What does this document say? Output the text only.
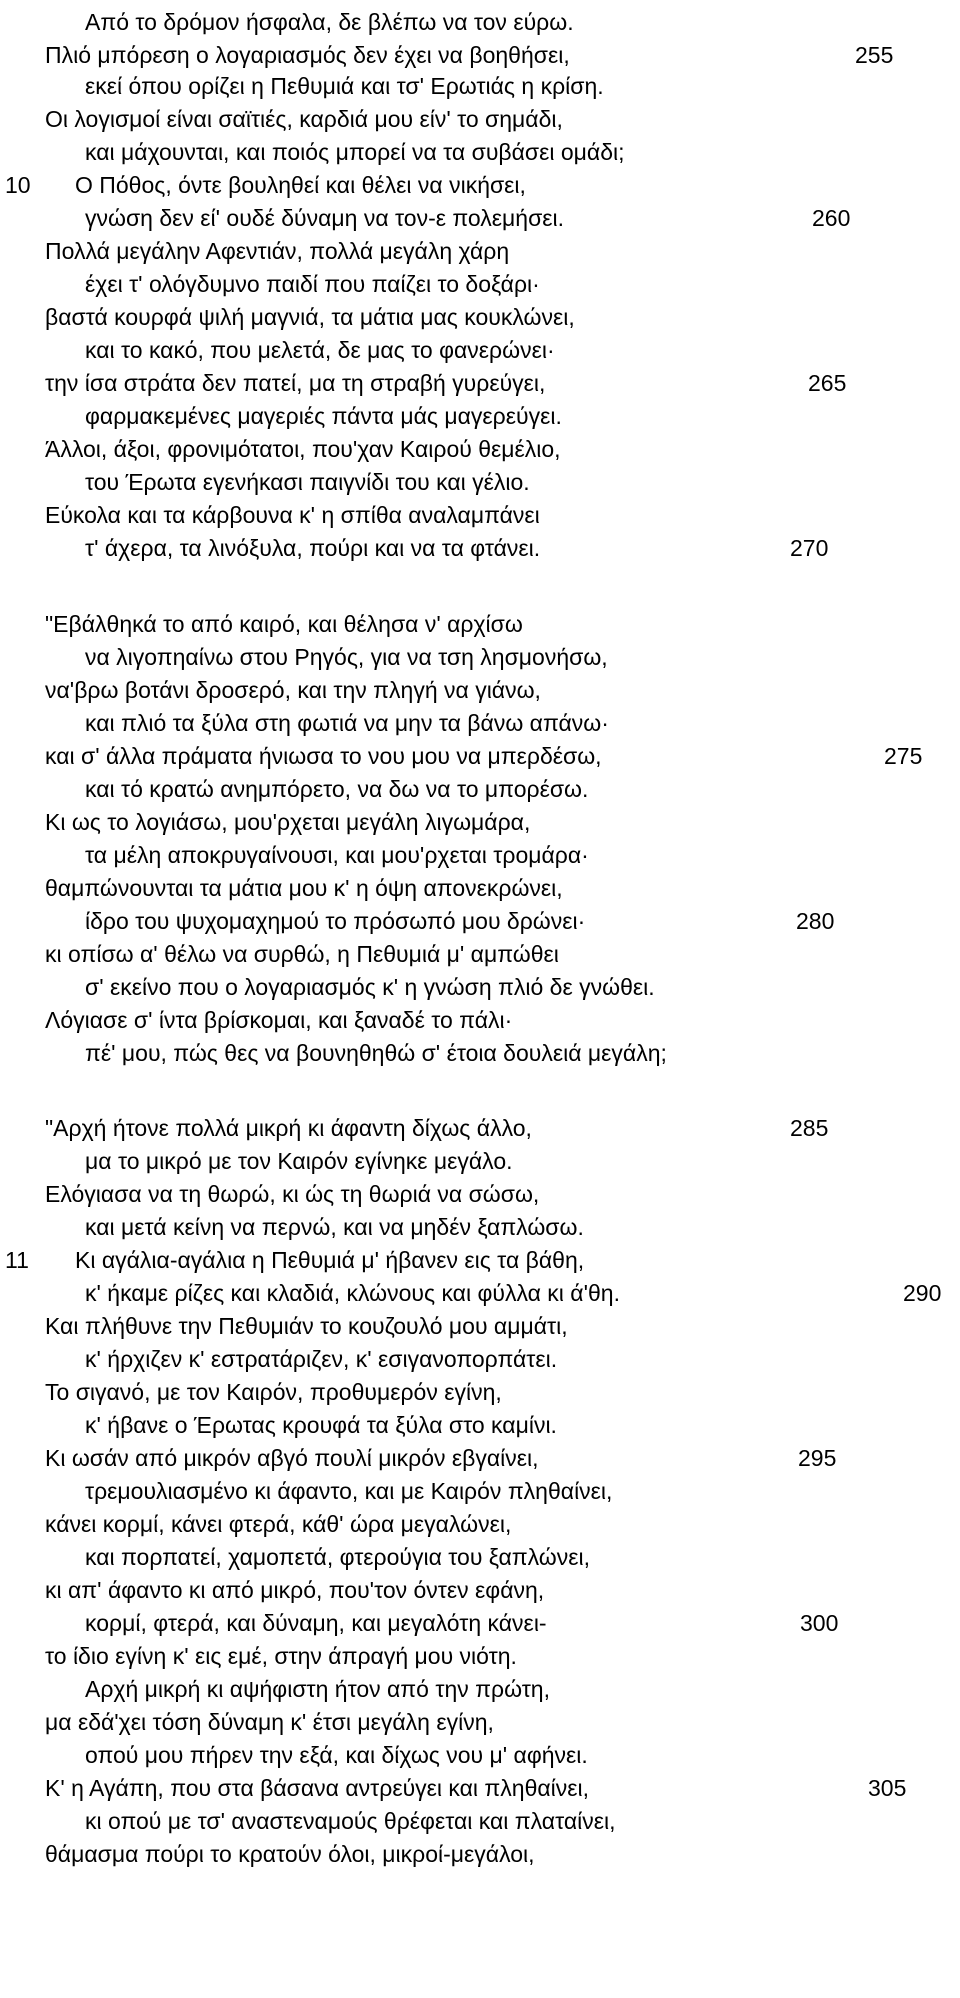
Από το δρόμον ήσφαλα, δε βλέπω να τον εύρω.
Πλιό μπόρεση ο λογαριασμός δεν έχει να βοηθήσει,	255
εκεί όπου ορίζει η Πεθυμιά και τσ' Ερωτιάς η κρίση.
Οι λογισμοί είναι σαϊτιές, καρδιά μου είν' το σημάδι,
και μάχουνται, και ποιός μπορεί να τα συβάσει ομάδι;
10 Ο Πόθος, όντε βουληθεί και θέλει να νικήσει,
γνώση δεν εί' ουδέ δύναμη να τον-ε πολεμήσει.	260
Πολλά μεγάλην Αφεντιάν, πολλά μεγάλη χάρη
έχει τ' ολόγδυμνο παιδί που παίζει το δοξάρι·
βαστά κουρφά ψιλή μαγνιά, τα μάτια μας κουκλώνει,
και το κακό, που μελετά, δε μας το φανερώνει·
την ίσα στράτα δεν πατεί, μα τη στραβή γυρεύγει,	265
φαρμακεμένες μαγεριές πάντα μάς μαγερεύγει.
Άλλοι, άξοι, φρονιμότατοι, που'χαν Καιρού θεμέλιο,
του Έρωτα εγενήκασι παιγνίδι του και γέλιο.
Εύκολα και τα κάρβουνα κ' η σπίθα αναλαμπάνει
τ' άχερα, τα λινόξυλα, πούρι και να τα φτάνει.	270
"Εβάλθηκά το από καιρό, και θέλησα ν' αρχίσω
να λιγοπηαίνω στου Ρηγός, για να τση λησμονήσω,
να'βρω βοτάνι δροσερό, και την πληγή να γιάνω,
και πλιό τα ξύλα στη φωτιά να μην τα βάνω απάνω·
και σ' άλλα πράματα ήνιωσα το νου μου να μπερδέσω,	275
και τό κρατώ ανημπόρετο, να δω να το μπορέσω.
Κι ως το λογιάσω, μου'ρχεται μεγάλη λιγωμάρα,
τα μέλη αποκρυγαίνουσι, και μου'ρχεται τρομάρα·
θαμπώνουνται τα μάτια μου κ' η όψη απονεκρώνει,
ίδρο του ψυχομαχημού το πρόσωπό μου δρώνει·	280
κι οπίσω α' θέλω να συρθώ, η Πεθυμιά μ' αμπώθει
σ' εκείνο που ο λογαριασμός κ' η γνώση πλιό δε γνώθει.
Λόγιασε σ' ίντα βρίσκομαι, και ξαναδέ το πάλι·
πέ' μου, πώς θες να βουνηθηθώ σ' έτοια δουλειά μεγάλη;
"Αρχή ήτονε πολλά μικρή κι άφαντη δίχως άλλο,	285
μα το μικρό με τον Καιρόν εγίνηκε μεγάλο.
Ελόγιασα να τη θωρώ, κι ώς τη θωριά να σώσω,
και μετά κείνη να περνώ, και να μηδέν ξαπλώσω.
11 Κι αγάλια-αγάλια η Πεθυμιά μ' ήβανεν εις τα βάθη,
κ' ήκαμε ρίζες και κλαδιά, κλώνους και φύλλα κι ά'θη.	290
Και πλήθυνε την Πεθυμιάν το κουζουλό μου αμμάτι,
κ' ήρχιζεν κ' εστρατάριζεν, κ' εσιγανοπορπάτει.
Το σιγανό, με τον Καιρόν, προθυμερόν εγίνη,
κ' ήβανε ο Έρωτας κρουφά τα ξύλα στο καμίνι.
Κι ωσάν από μικρόν αβγό πουλί μικρόν εβγαίνει,	295
τρεμουλιασμένο κι άφαντο, και με Καιρόν πληθαίνει,
κάνει κορμί, κάνει φτερά, κάθ' ώρα μεγαλώνει,
και πορπατεί, χαμοπετά, φτερούγια του ξαπλώνει,
κι απ' άφαντο κι από μικρό, που'τον όντεν εφάνη,
κορμί, φτερά, και δύναμη, και μεγαλότη κάνει-	300
το ίδιο εγίνη κ' εις εμέ, στην άπραγή μου νιότη.
Αρχή μικρή κι αψήφιστη ήτον από την πρώτη,
μα εδά'χει τόση δύναμη κ' έτσι μεγάλη εγίνη,
οπού μου πήρεν την εξά, και δίχως νου μ' αφήνει.
Κ' η Αγάπη, που στα βάσανα αντρεύγει και πληθαίνει,	305
κι οπού με τσ' αναστεναμούς θρέφεται και πλαταίνει,
θάμασμα πούρι το κρατούν όλοι, μικροί-μεγάλοι,
